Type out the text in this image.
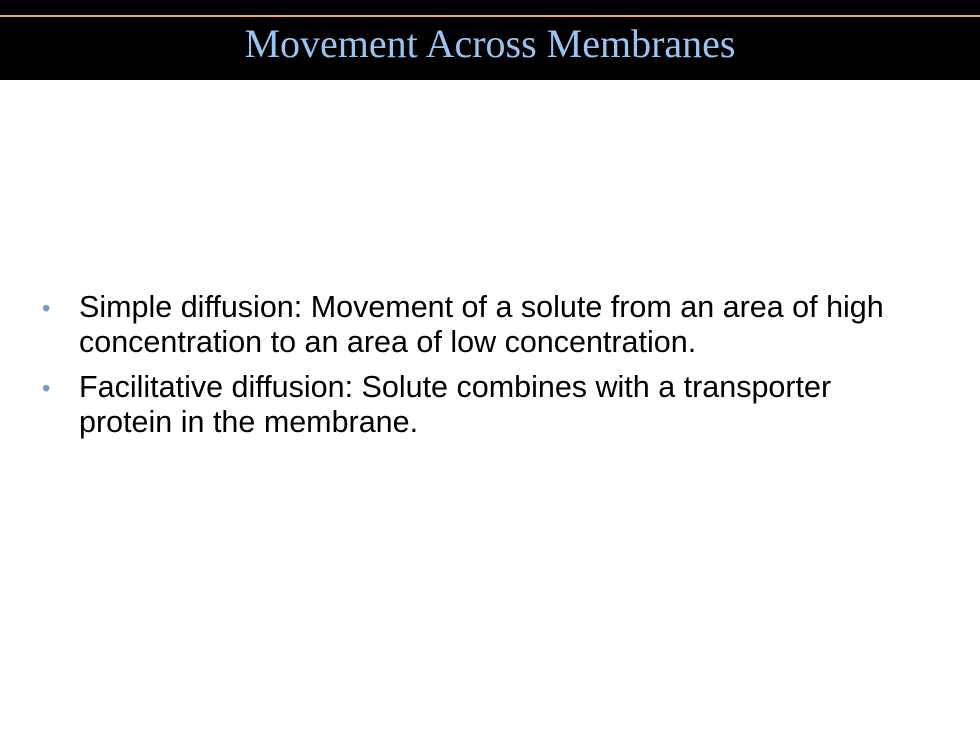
Movement Across Membranes
• Simple diffusion: Movement of a solute from an area of high concentration to an area of low concentration.
• Facilitative diffusion: Solute combines with a transporter protein in the membrane.
